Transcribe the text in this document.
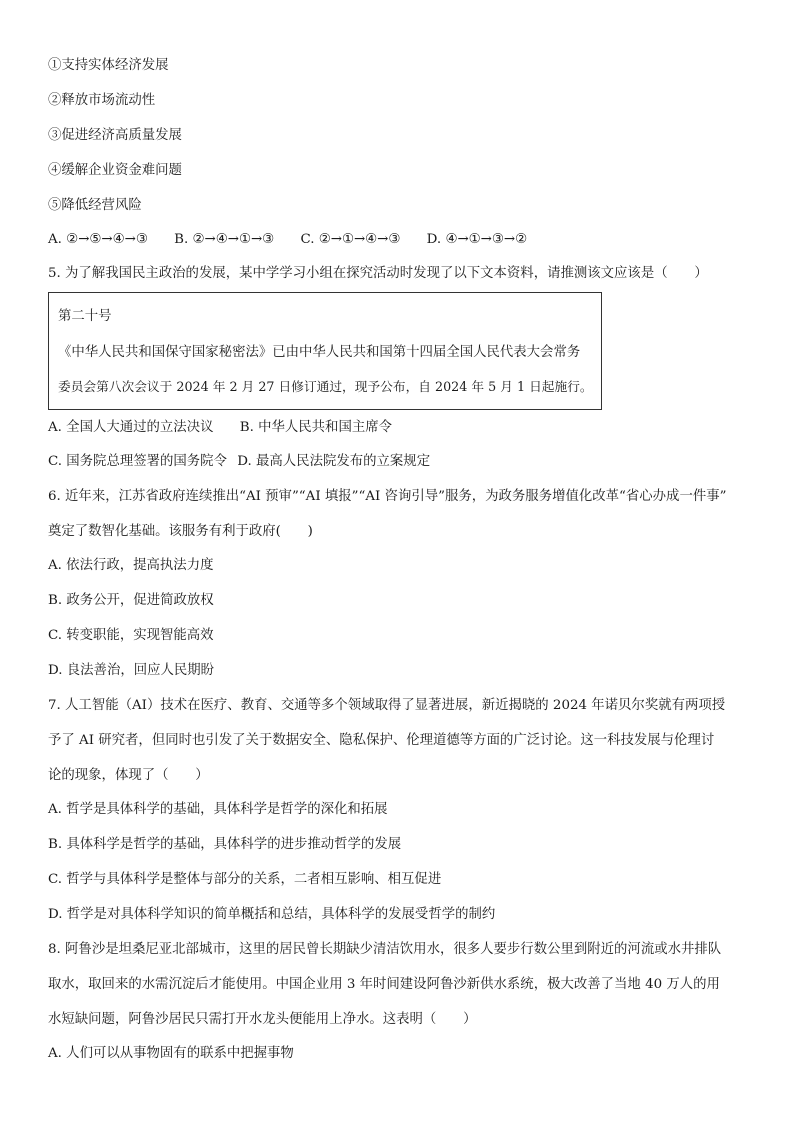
①支持实体经济发展
②释放市场流动性
③促进经济高质量发展
④缓解企业资金难问题
⑤降低经营风险
A. ②→⑤→④→③ B. ②→④→①→③ C. ②→①→④→③ D. ④→①→③→②
5. 为了解我国民主政治的发展，某中学学习小组在探究活动时发现了以下文本资料，请推测该文应该是（　　）
第二十号
《中华人民共和国保守国家秘密法》已由中华人民共和国第十四届全国人民代表大会常务
委员会第八次会议于 2024 年 2 月 27 日修订通过，现予公布，自 2024 年 5 月 1 日起施行。
A. 全国人大通过的立法决议 B. 中华人民共和国主席令
C. 国务院总理签署的国务院令 D. 最高人民法院发布的立案规定
6. 近年来，江苏省政府连续推出“AI 预审”“AI 填报”“AI 咨询引导”服务，为政务服务增值化改革“省心办成一件事”
奠定了数智化基础。该服务有利于政府(　　)
A. 依法行政，提高执法力度
B. 政务公开，促进简政放权
C. 转变职能，实现智能高效
D. 良法善治，回应人民期盼
7. 人工智能（AI）技术在医疗、教育、交通等多个领域取得了显著进展，新近揭晓的 2024 年诺贝尔奖就有两项授
予了 AI 研究者，但同时也引发了关于数据安全、隐私保护、伦理道德等方面的广泛讨论。这一科技发展与伦理讨
论的现象，体现了（　　）
A. 哲学是具体科学的基础，具体科学是哲学的深化和拓展
B. 具体科学是哲学的基础，具体科学的进步推动哲学的发展
C. 哲学与具体科学是整体与部分的关系，二者相互影响、相互促进
D. 哲学是对具体科学知识的简单概括和总结，具体科学的发展受哲学的制约
8. 阿鲁沙是坦桑尼亚北部城市，这里的居民曾长期缺少清洁饮用水，很多人要步行数公里到附近的河流或水井排队
取水，取回来的水需沉淀后才能使用。中国企业用 3 年时间建设阿鲁沙新供水系统，极大改善了当地 40 万人的用
水短缺问题，阿鲁沙居民只需打开水龙头便能用上净水。这表明（　　）
A. 人们可以从事物固有的联系中把握事物
